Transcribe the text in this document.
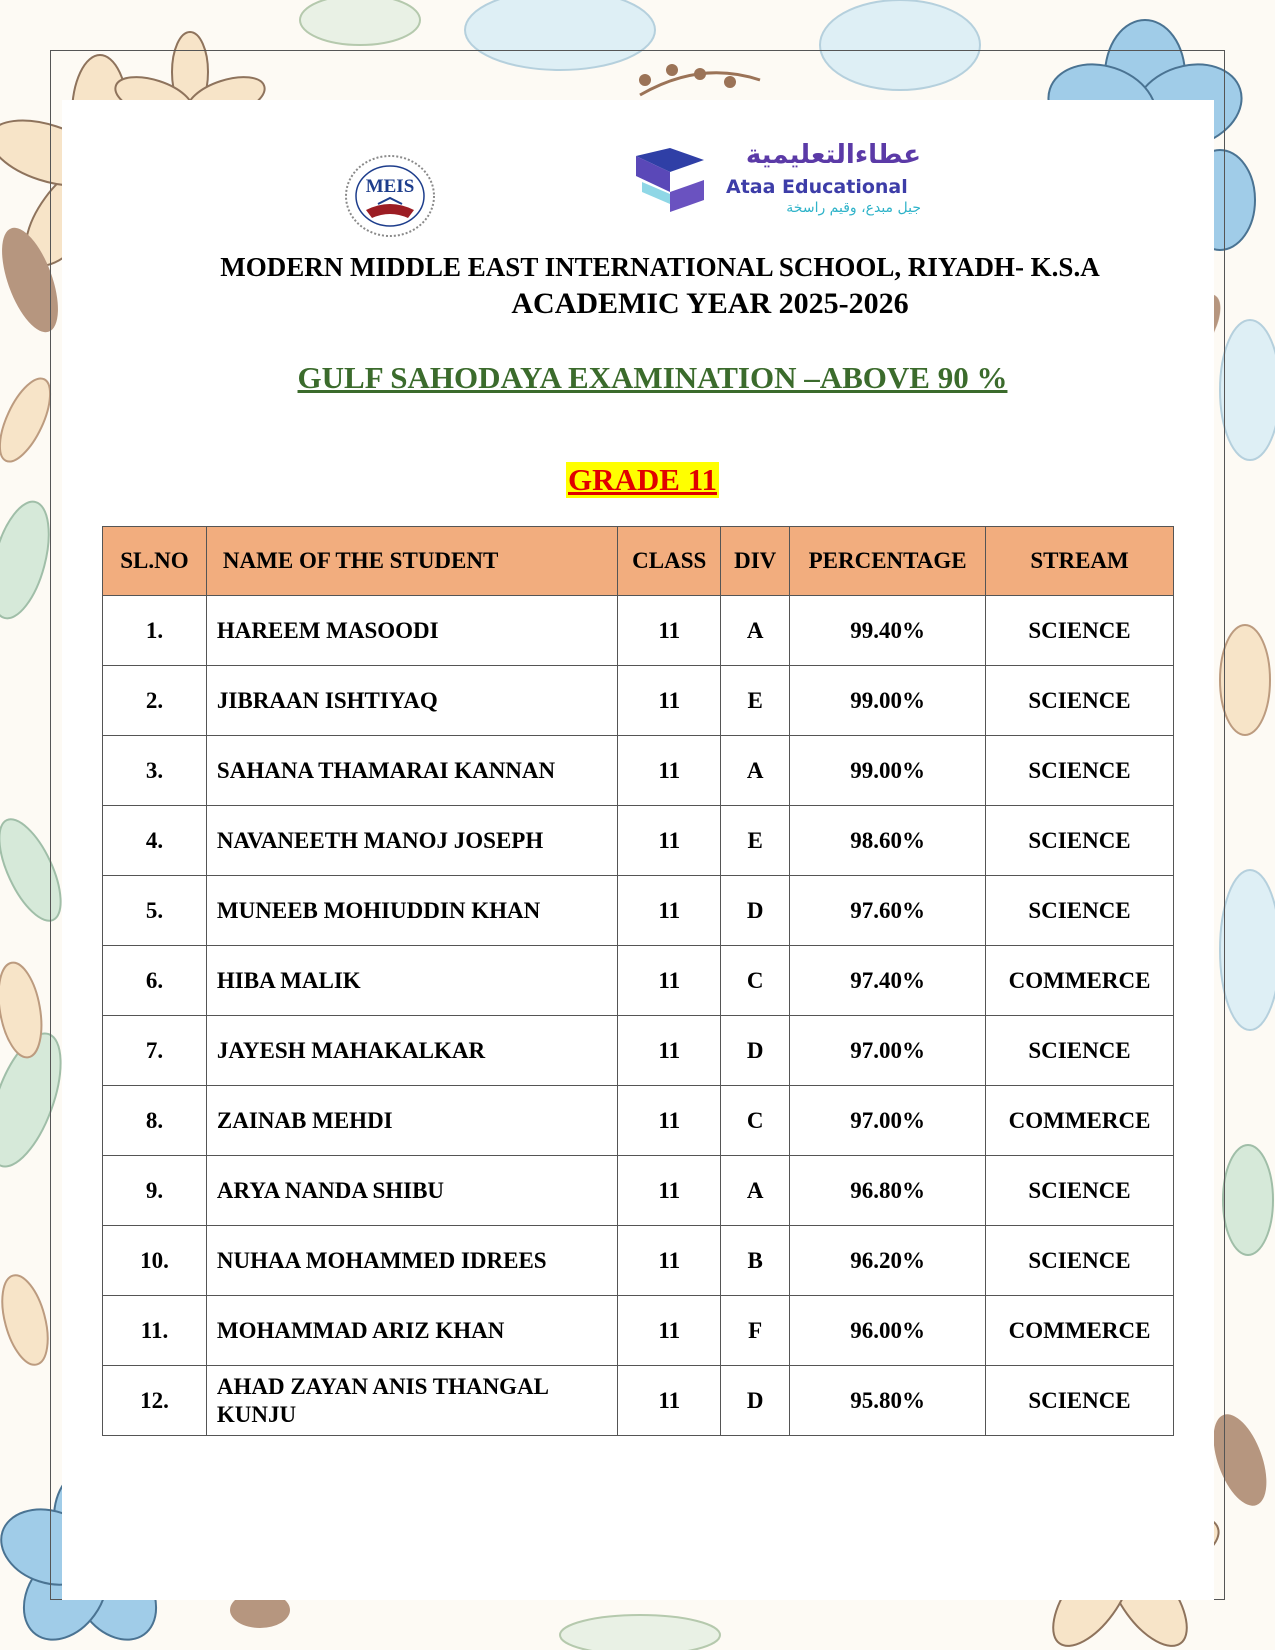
MEIS
عطاءالتعليمية
Ataa Educational
جيل مبدع، وقيم راسخة
MODERN MIDDLE EAST INTERNATIONAL SCHOOL, RIYADH- K.S.A
ACADEMIC YEAR 2025-2026
GULF SAHODAYA EXAMINATION –ABOVE 90 %
GRADE 11
SL.NO	NAME OF THE STUDENT	CLASS	DIV	PERCENTAGE	STREAM
1.	HAREEM MASOODI	11	A	99.40%	SCIENCE
2.	JIBRAAN ISHTIYAQ	11	E	99.00%	SCIENCE
3.	SAHANA THAMARAI KANNAN	11	A	99.00%	SCIENCE
4.	NAVANEETH MANOJ JOSEPH	11	E	98.60%	SCIENCE
5.	MUNEEB MOHIUDDIN KHAN	11	D	97.60%	SCIENCE
6.	HIBA MALIK	11	C	97.40%	COMMERCE
7.	JAYESH MAHAKALKAR	11	D	97.00%	SCIENCE
8.	ZAINAB MEHDI	11	C	97.00%	COMMERCE
9.	ARYA NANDA SHIBU	11	A	96.80%	SCIENCE
10.	NUHAA MOHAMMED IDREES	11	B	96.20%	SCIENCE
11.	MOHAMMAD ARIZ KHAN	11	F	96.00%	COMMERCE
12.	AHAD ZAYAN ANIS THANGAL KUNJU	11	D	95.80%	SCIENCE
